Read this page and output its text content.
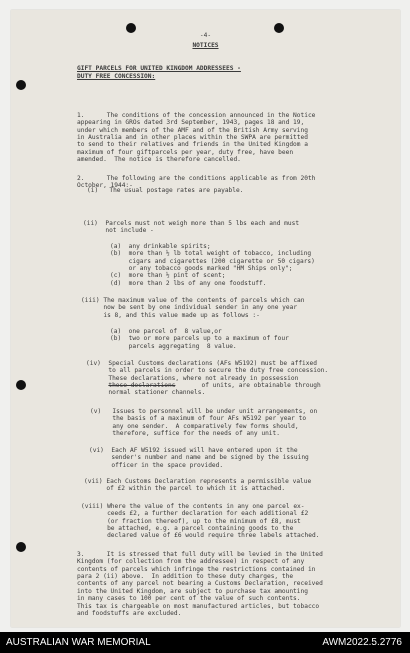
-4-
NOTICES
GIFT PARCELS FOR UNITED KINGDOM ADDRESSEES -
DUTY FREE CONCESSION:

1.      The conditions of the concession announced in the Notice
appearing in GROs dated 3rd September, 1943, pages 18 and 19,
under which members of the AMF and of the British Army serving
in Australia and in other places within the SWPA are permitted
to send to their relatives and friends in the United Kingdom a
maximum of four giftparcels per year, duty free, have been
amended.  The notice is therefore cancelled.

2.      The following are the conditions applicable as from 20th
October, 1944:-

(i)   The usual postage rates are payable.

(ii)  Parcels must not weigh more than 5 lbs each and must
not include -

(a)  any drinkable spirits;
(b)  more than ½ lb total weight of tobacco, including
cigars and cigarettes (200 cigarette or 50 cigars)
or any tobacco goods marked "HM Ships only";
(c)  more than ½ pint of scent;
(d)  more than 2 lbs of any one foodstuff.

(iii) The maximum value of the contents of parcels which can
now be sent by one individual sender in any one year
is 8, and this value made up as follows :-

(a)  one parcel of  8 value,or
(b)  two or more parcels up to a maximum of four
parcels aggregating  8 value.

(iv)  Special Customs declarations (AFs W5192) must be affixed
to all parcels in order to secure the duty free concession.
These declarations, where not already in possession
these declarations       of units, are obtainable through
normal stationer channels.

(v)   Issues to personnel will be under unit arrangements, on
the basis of a maximum of four AFs W5192 per year to
any one sender.  A comparatively few forms should,
therefore, suffice for the needs of any unit.

(vi)  Each AF W5192 issued will have entered upon it the
sender's number and name and be signed by the issuing
officer in the space provided.

(vii) Each Customs Declaration represents a permissible value
of £2 within the parcel to which it is attached.

(viii) Where the value of the contents in any one parcel ex-
ceeds £2, a further declaration for each additional £2
(or fraction thereof), up to the minimum of £8, must
be attached, e.g. a parcel containing goods to the
declared value of £6 would require three labels attached.

3.      It is stressed that full duty will be levied in the United
Kingdom (for collection from the addressee) in respect of any
contents of parcels which infringe the restrictions contained in
para 2 (ii) above.  In addition to these duty charges, the
contents of any parcel not bearing a Customs Declaration, received
into the United Kingdom, are subject to purchase tax amounting
in many cases to 100 per cent of the value of such contents.
This tax is chargeable on most manufactured articles, but tobacco
and foodstuffs are excluded.

AUSTRALIAN WAR MEMORIAL	AWM2022.5.2776
